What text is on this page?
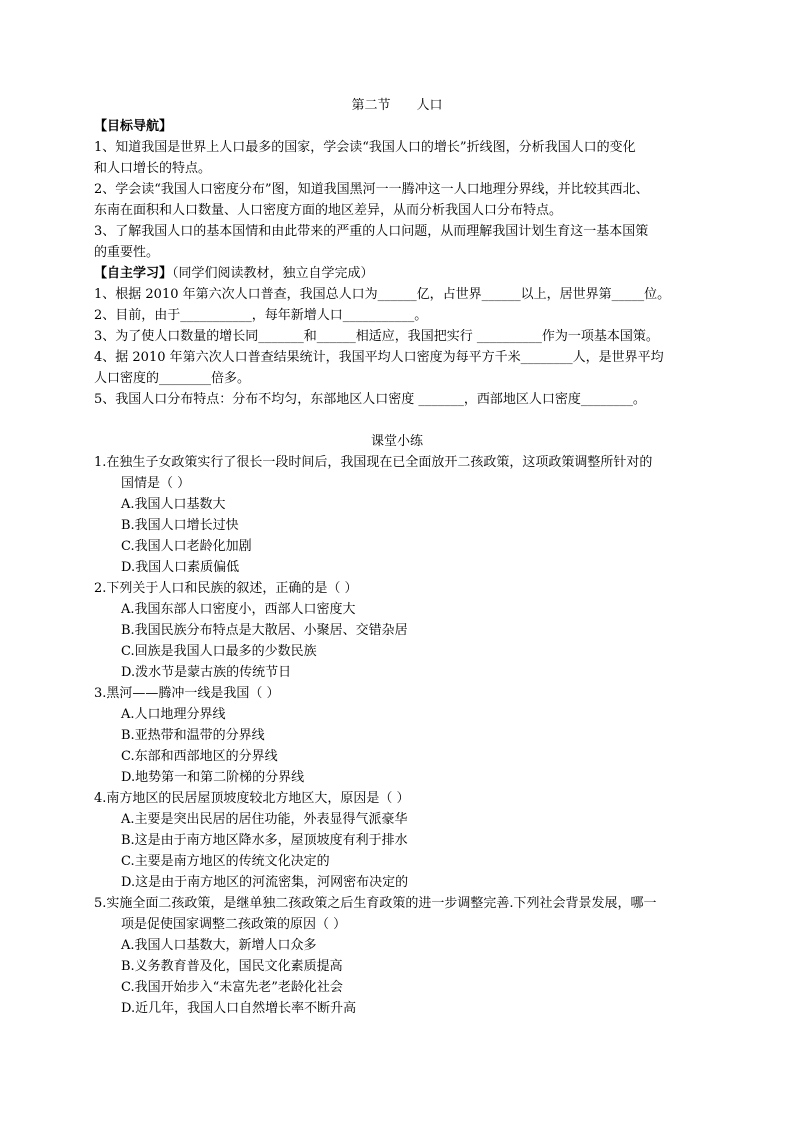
第二节 人口
【目标导航】
1、知道我国是世界上人口最多的国家，学会读“我国人口的增长”折线图，分析我国人口的变化
和人口增长的特点。
2、学会读“我国人口密度分布”图，知道我国黑河一一腾冲这一人口地理分界线，并比较其西北、
东南在面积和人口数量、人口密度方面的地区差异，从而分析我国人口分布特点。
3、了解我国人口的基本国情和由此带来的严重的人口问题，从而理解我国计划生育这一基本国策
的重要性。
【自主学习】（同学们阅读教材，独立自学完成）
1、根据 2010 年第六次人口普查，我国总人口为______亿，占世界______以上，居世界第_____位。
2、目前，由于___________，每年新增人口___________。
3、为了使人口数量的增长同_______和______相适应，我国把实行 __________作为一项基本国策。
4、据 2010 年第六次人口普查结果统计，我国平均人口密度为每平方千米________人，是世界平均
人口密度的________倍多。
5、我国人口分布特点：分布不均匀，东部地区人口密度 _______，西部地区人口密度________。
课堂小练
1.在独生子女政策实行了很长一段时间后，我国现在已全面放开二孩政策，这项政策调整所针对的
国情是（ ）
A.我国人口基数大
B.我国人口增长过快
C.我国人口老龄化加剧
D.我国人口素质偏低
2.下列关于人口和民族的叙述，正确的是（ ）
A.我国东部人口密度小，西部人口密度大
B.我国民族分布特点是大散居、小聚居、交错杂居
C.回族是我国人口最多的少数民族
D.泼水节是蒙古族的传统节日
3.黑河——腾冲一线是我国（ ）
A.人口地理分界线
B.亚热带和温带的分界线
C.东部和西部地区的分界线
D.地势第一和第二阶梯的分界线
4.南方地区的民居屋顶坡度较北方地区大，原因是（ ）
A.主要是突出民居的居住功能，外表显得气派豪华
B.这是由于南方地区降水多，屋顶坡度有利于排水
C.主要是南方地区的传统文化决定的
D.这是由于南方地区的河流密集，河网密布决定的
5.实施全面二孩政策，是继单独二孩政策之后生育政策的进一步调整完善.下列社会背景发展，哪一
项是促使国家调整二孩政策的原因（ ）
A.我国人口基数大，新增人口众多
B.义务教育普及化，国民文化素质提高
C.我国开始步入“未富先老”老龄化社会
D.近几年，我国人口自然增长率不断升高
